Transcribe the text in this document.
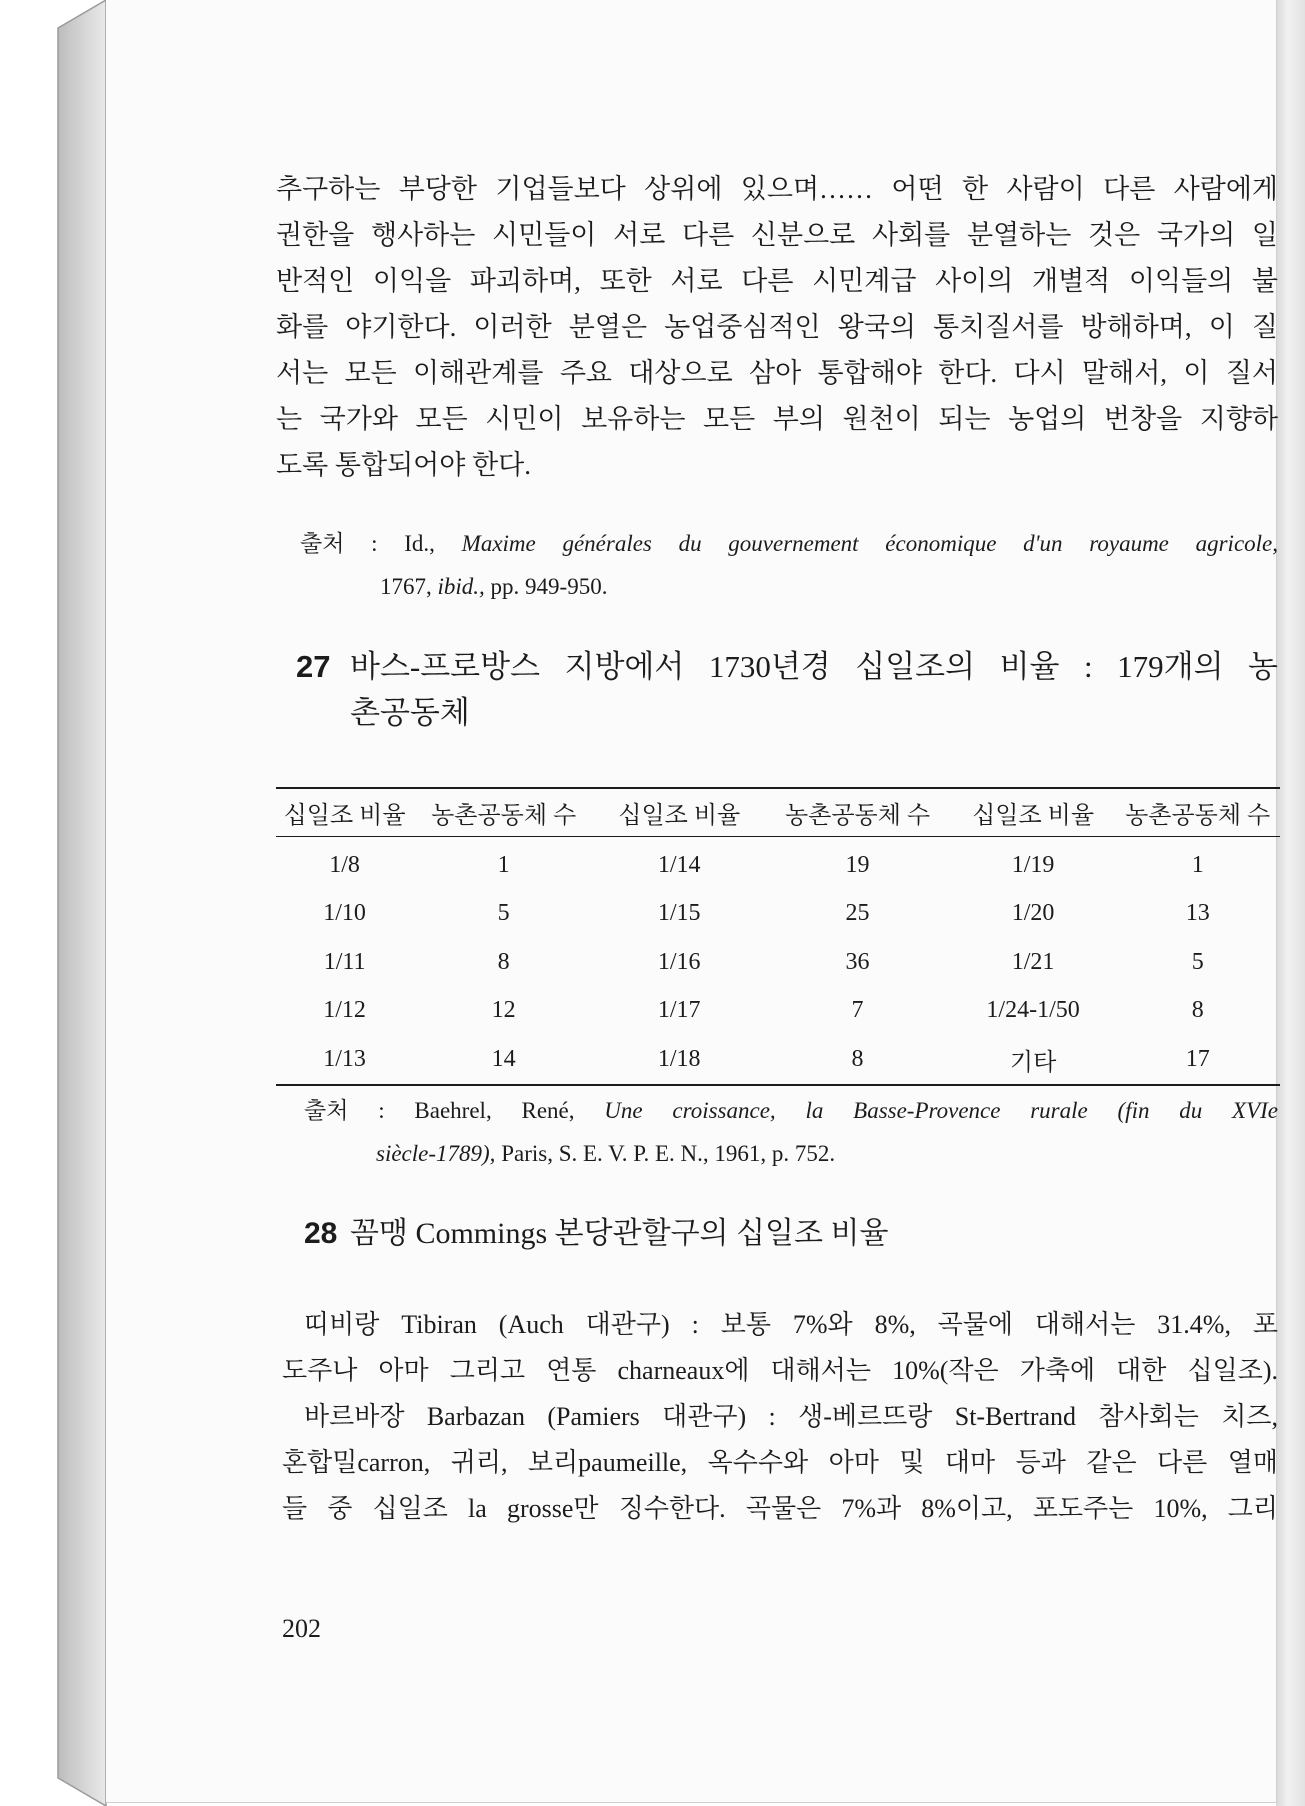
추구하는 부당한 기업들보다 상위에 있으며…… 어떤 한 사람이 다른 사람에게
권한을 행사하는 시민들이 서로 다른 신분으로 사회를 분열하는 것은 국가의 일
반적인 이익을 파괴하며, 또한 서로 다른 시민계급 사이의 개별적 이익들의 불
화를 야기한다. 이러한 분열은 농업중심적인 왕국의 통치질서를 방해하며, 이 질
서는 모든 이해관계를 주요 대상으로 삼아 통합해야 한다. 다시 말해서, 이 질서
는 국가와 모든 시민이 보유하는 모든 부의 원천이 되는 농업의 번창을 지향하
도록 통합되어야 한다.
출처 : Id., Maxime générales du gouvernement économique d'un royaume agricole,
1767, ibid., pp. 949-950.
27 바스-프로방스 지방에서 1730년경 십일조의 비율 : 179개의 농
촌공동체
십일조 비율	농촌공동체 수	십일조 비율	농촌공동체 수	십일조 비율	농촌공동체 수
1/8	1	1/14	19	1/19	1
1/10	5	1/15	25	1/20	13
1/11	8	1/16	36	1/21	5
1/12	12	1/17	7	1/24-1/50	8
1/13	14	1/18	8	기타	17
출처 : Baehrel, René, Une croissance, la Basse-Provence rurale (fin du XVIe
siècle-1789), Paris, S. E. V. P. E. N., 1961, p. 752.
28 꼼맹 Commings 본당관할구의 십일조 비율
띠비랑 Tibiran (Auch 대관구) : 보통 7%와 8%, 곡물에 대해서는 31.4%, 포
도주나 아마 그리고 연통 charneaux에 대해서는 10%(작은 가축에 대한 십일조).
바르바장 Barbazan (Pamiers 대관구) : 생-베르뜨랑 St-Bertrand 참사회는 치즈,
혼합밀carron, 귀리, 보리paumeille, 옥수수와 아마 및 대마 등과 같은 다른 열매
들 중 십일조 la grosse만 징수한다. 곡물은 7%과 8%이고, 포도주는 10%, 그리
202
